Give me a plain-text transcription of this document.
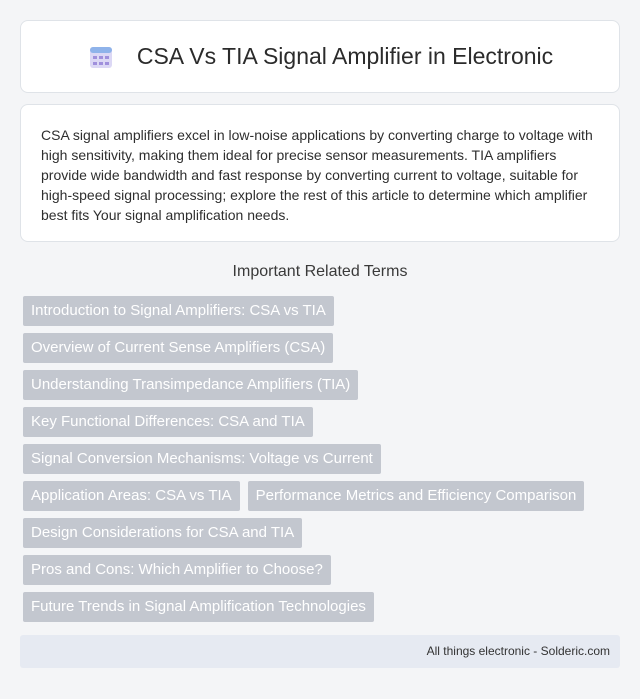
CSA Vs TIA Signal Amplifier in Electronic

CSA signal amplifiers excel in low-noise applications by converting charge to voltage with high sensitivity, making them ideal for precise sensor measurements. TIA amplifiers provide wide bandwidth and fast response by converting current to voltage, suitable for high-speed signal processing; explore the rest of this article to determine which amplifier best fits Your signal amplification needs.

Important Related Terms
Introduction to Signal Amplifiers: CSA vs TIA
Overview of Current Sense Amplifiers (CSA)
Understanding Transimpedance Amplifiers (TIA)
Key Functional Differences: CSA and TIA
Signal Conversion Mechanisms: Voltage vs Current
Application Areas: CSA vs TIA	Performance Metrics and Efficiency Comparison
Design Considerations for CSA and TIA
Pros and Cons: Which Amplifier to Choose?
Future Trends in Signal Amplification Technologies
All things electronic - Solderic.com
